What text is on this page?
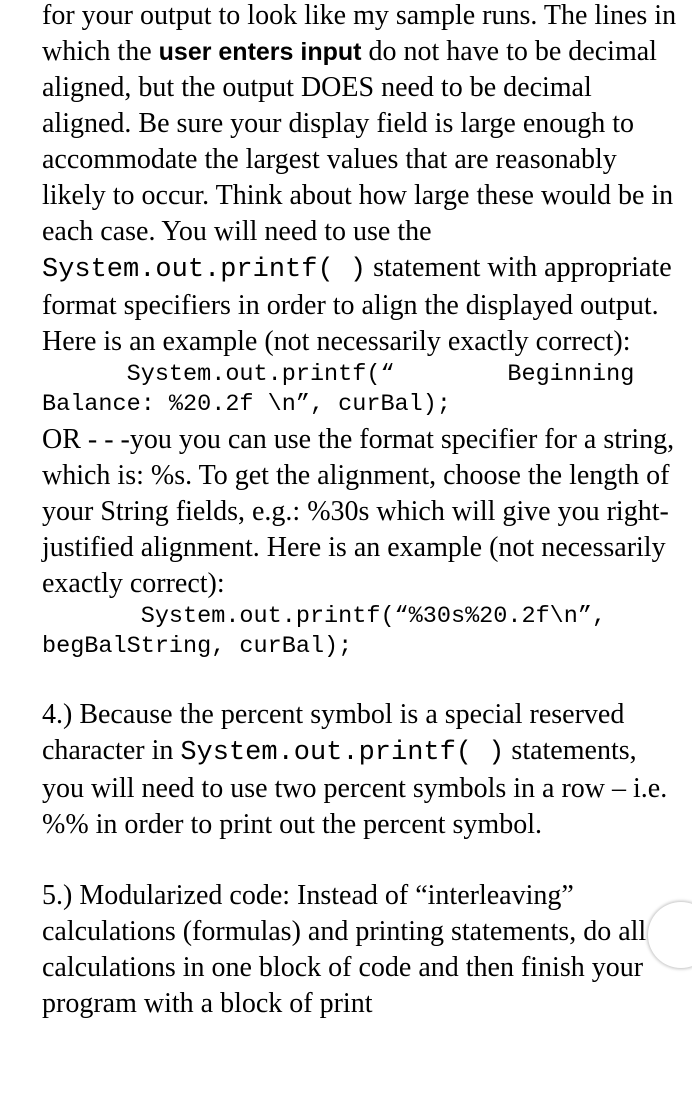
for your output to look like my sample runs. The lines in which the user enters input do not have to be decimal aligned, but the output DOES need to be decimal aligned. Be sure your display field is large enough to accommodate the largest values that are reasonably likely to occur. Think about how large these would be in each case. You will need to use the System.out.printf( ) statement with appropriate format specifiers in order to align the displayed output. Here is an example (not necessarily exactly correct):

System.out.printf(“        Beginning

Balance: %20.2f \n”, curBal);

OR - - -you you can use the format specifier for a string, which is: %s. To get the alignment, choose the length of your String fields, e.g.: %30s which will give you right-justified alignment. Here is an example (not necessarily exactly correct):

System.out.printf(“%30s%20.2f\n”,

begBalString, curBal);

4.) Because the percent symbol is a special reserved character in System.out.printf( ) statements, you will need to use two percent symbols in a row – i.e. %% in order to print out the percent symbol.

5.) Modularized code: Instead of “interleaving” calculations (formulas) and printing statements, do all calculations in one block of code and then finish your program with a block of print
